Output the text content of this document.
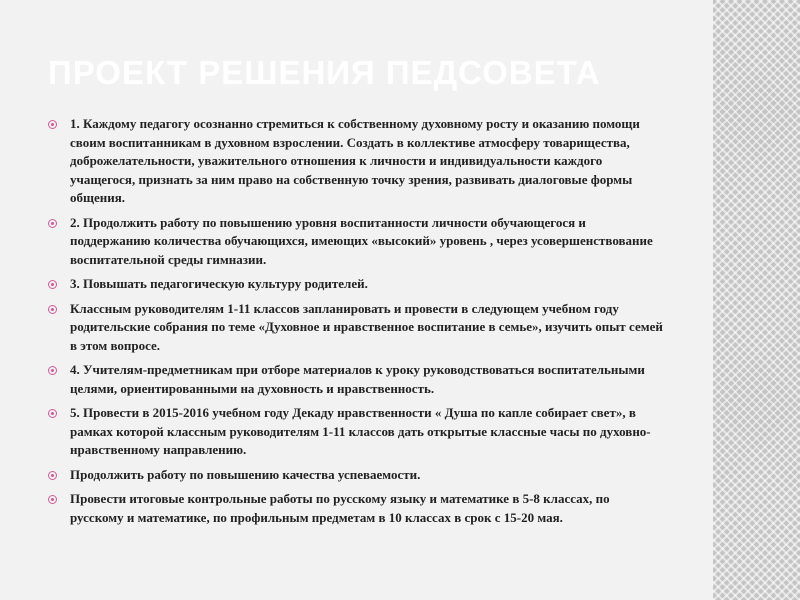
ПРОЕКТ РЕШЕНИЯ ПЕДСОВЕТА
1. Каждому педагогу осознанно стремиться к собственному духовному росту и оказанию помощи своим воспитанникам в духовном взрослении. Создать в коллективе атмосферу товарищества, доброжелательности, уважительного отношения к личности и индивидуальности каждого учащегося, признать за ним право на собственную точку зрения, развивать диалоговые формы общения.
2. Продолжить работу по повышению уровня воспитанности личности обучающегося и поддержанию количества обучающихся, имеющих «высокий» уровень , через усовершенствование воспитательной среды гимназии.
3. Повышать педагогическую культуру родителей.
Классным руководителям 1-11 классов запланировать и провести в следующем учебном году родительские собрания по теме «Духовное и нравственное воспитание в семье», изучить опыт семей в этом вопросе.
4. Учителям-предметникам при отборе материалов к уроку руководствоваться воспитательными целями, ориентированными на духовность и нравственность.
5. Провести в 2015-2016 учебном году Декаду нравственности « Душа по капле собирает свет», в рамках которой классным руководителям 1-11 классов дать открытые классные часы по духовно-нравственному направлению.
Продолжить работу по повышению качества успеваемости.
Провести итоговые контрольные работы по русскому языку и математике в 5-8 классах, по русскому и математике, по профильным предметам в 10 классах в срок с 15-20 мая.
